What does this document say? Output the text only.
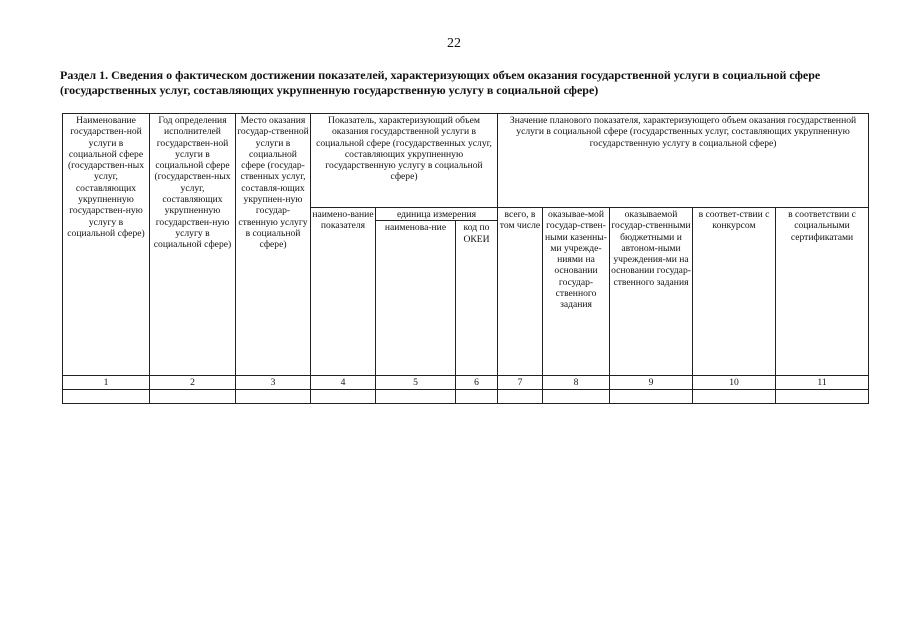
22
Раздел 1. Сведения о фактическом достижении показателей, характеризующих объем оказания государственной услуги в социальной сфере (государственных услуг, составляющих укрупненную государственную услугу в социальной сфере)
Наименование государствен-ной услуги в социальной сфере (государствен-ных услуг, составляющих укрупненную государствен-ную услугу в социальной сфере)	Год определения исполнителей государствен-ной услуги в социальной сфере (государствен-ных услуг, составляющих укрупненную государствен-ную услугу в социальной сфере)	Место оказания государ-ственной услуги в социальной сфере (государ-ственных услуг, составля-ющих укрупнен-ную государ-ственную услугу в социальной сфере)	Показатель, характеризующий объем оказания государственной услуги в социальной сфере (государственных услуг, составляющих укрупненную государственную услугу в социальной сфере)			Значение планового показателя, характеризующего объем оказания государственной услуги в социальной сфере (государственных услуг, составляющих укрупненную государственную услугу в социальной сфере)				
			наимено-вание показателя	единица измерения		всего, в том числе	оказывае-мой государ-ствен-ными казенны-ми учрежде-ниями на основании государ-ственного задания	оказываемой государ-ственными бюджетными и автоном-ными учреждения-ми на основании государ-ственного задания	в соответ-ствии с конкурсом	в соответствии с социальными сертификатами
				наименова-ние	код по ОКЕИ					
1	2	3	4	5	6	7	8	9	10	11
